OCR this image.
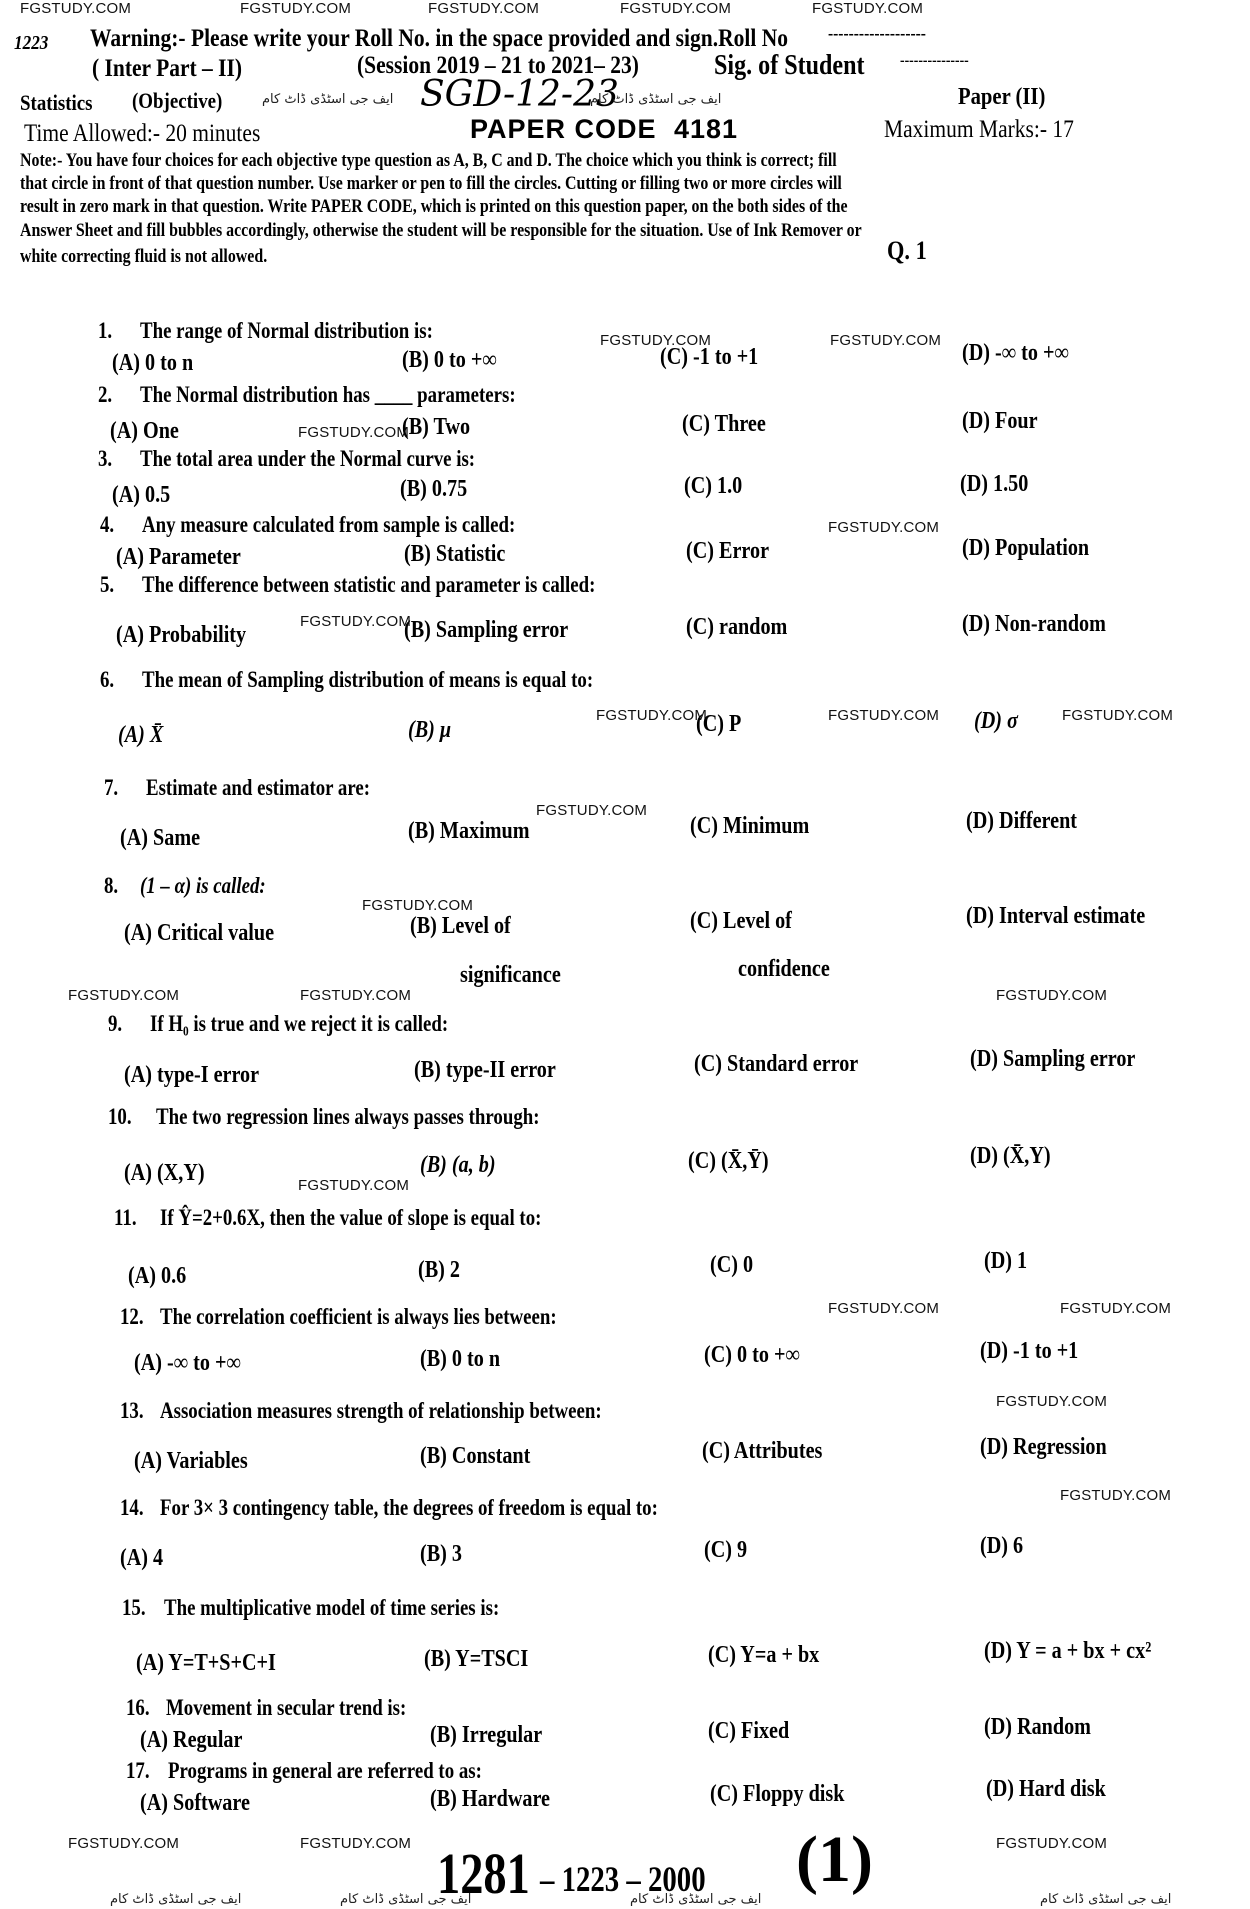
FGSTUDY.COM	FGSTUDY.COM	FGSTUDY.COM	FGSTUDY.COM	FGSTUDY.COM
1223 Warning:- Please write your Roll No. in the space provided and sign.Roll No -------------------
( Inter Part – II)	(Session 2019 – 21 to 2021– 23)	Sig. of Student ---------------
Statistics (Objective)	ایف جی اسٹڈی ڈاٹ کام SGD-12-23
ایف جی اسٹڈی ڈاٹ کام	Paper (II)
Time Allowed:- 20 minutes	PAPER CODE 4181	Maximum Marks:- 17
Note:- You have four choices for each objective type question as A, B, C and D. The choice which you think is correct; fill
that circle in front of that question number. Use marker or pen to fill the circles. Cutting or filling two or more circles will
result in zero mark in that question. Write PAPER CODE, which is printed on this question paper, on the both sides of the
Answer Sheet and fill bubbles accordingly, otherwise the student will be responsible for the situation. Use of Ink Remover or
white correcting fluid is not allowed.	Q. 1
1. The range of Normal distribution is:	FGSTUDY.COM	FGSTUDY.COM
(A) 0 to n	(B) 0 to +∞	(C) -1 to +1	(D) -∞ to +∞
2. The Normal distribution has ____ parameters:
(A) One	FGSTUDY.COM
(B) Two	(C) Three	(D) Four
3. The total area under the Normal curve is:
(A) 0.5	(B) 0.75	(C) 1.0	(D) 1.50
4. Any measure calculated from sample is called:	FGSTUDY.COM
(A) Parameter	(B) Statistic	(C) Error	(D) Population
5. The difference between statistic and parameter is called:
(A) Probability
FGSTUDY.COM
(B) Sampling error	(C) random	(D) Non-random
6. The mean of Sampling distribution of means is equal to:
FGSTUDY.COM	FGSTUDY.COM	FGSTUDY.COM
(A) X̄	(B) μ	(C) P	(D) σ
7. Estimate and estimator are:
FGSTUDY.COM
(A) Same	(B) Maximum	(C) Minimum	(D) Different
8. (1 – α) is called:
FGSTUDY.COM
(A) Critical value	(B) Level of	(C) Level of	(D) Interval estimate
significance	confidence
FGSTUDY.COM	FGSTUDY.COM	FGSTUDY.COM
9. If H₀ is true and we reject it is called:
(A) type-I error	(B) type-II error	(C) Standard error	(D) Sampling error
10. The two regression lines always passes through:
FGSTUDY.COM
(A) (X,Y)	(B) (a, b)	(C) (X̄,Ȳ)	(D) (X̄,Y)
11. If Ŷ=2+0.6X, then the value of slope is equal to:
(A) 0.6	(B) 2	(C) 0	(D) 1
12. The correlation coefficient is always lies between:	FGSTUDY.COM	FGSTUDY.COM
(A) -∞ to +∞	(B) 0 to n	(C) 0 to +∞	(D) -1 to +1
13. Association measures strength of relationship between:	FGSTUDY.COM
(A) Variables	(B) Constant	(C) Attributes	(D) Regression
14. For 3× 3 contingency table, the degrees of freedom is equal to:	FGSTUDY.COM
(A) 4	(B) 3	(C) 9	(D) 6
15. The multiplicative model of time series is:
(A) Y=T+S+C+I	(B) Y=TSCI	(C) Y=a + bx	(D) Y = a + bx + cx²
16. Movement in secular trend is:
(A) Regular	(B) Irregular	(C) Fixed	(D) Random
17. Programs in general are referred to as:
(A) Software	(B) Hardware	(C) Floppy disk	(D) Hard disk
FGSTUDY.COM	FGSTUDY.COM	FGSTUDY.COM
1281 – 1223 – 2000 (1)
ایف جی اسٹڈی ڈاٹ کام	ایف جی اسٹڈی ڈاٹ کام	ایف جی اسٹڈی ڈاٹ کام	ایف جی اسٹڈی ڈاٹ کام
